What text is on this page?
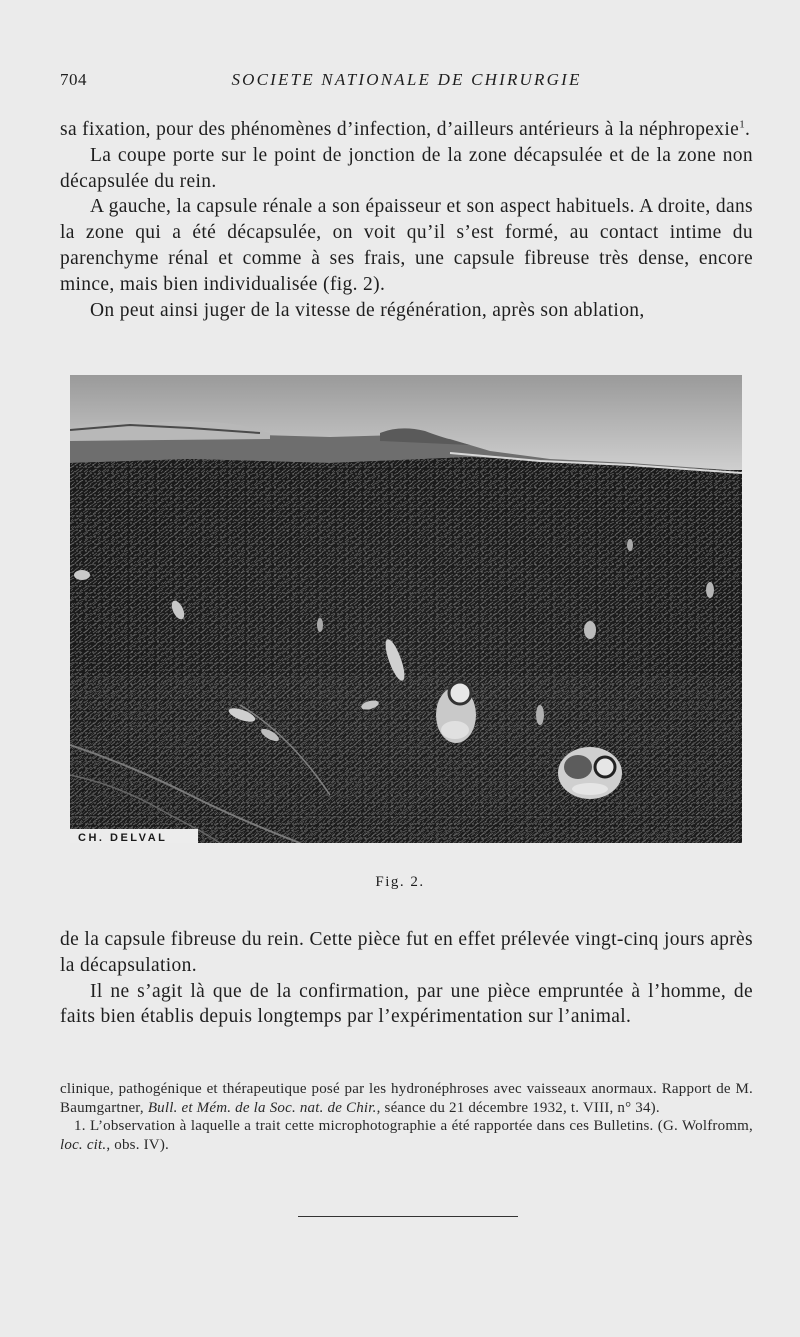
704	SOCIETE NATIONALE DE CHIRURGIE

sa fixation, pour des phénomènes d’infection, d’ailleurs antérieurs à la néphropexie$^1$.

La coupe porte sur le point de jonction de la zone décapsulée et de la zone non décapsulée du rein.

A gauche, la capsule rénale a son épaisseur et son aspect habituels. A droite, dans la zone qui a été décapsulée, on voit qu’il s’est formé, au contact intime du parenchyme rénal et comme à ses frais, une capsule fibreuse très dense, encore mince, mais bien individualisée (fig. 2).

On peut ainsi juger de la vitesse de régénération, après son ablation,

CH. DELVAL
Fig. 2.

de la capsule fibreuse du rein. Cette pièce fut en effet prélevée vingt-cinq jours après la décapsulation.

Il ne s’agit là que de la confirmation, par une pièce empruntée à l’homme, de faits bien établis depuis longtemps par l’expérimentation sur l’animal.

clinique, pathogénique et thérapeutique posé par les hydronéphroses avec vaisseaux anormaux. Rapport de M. Baumgartner, Bull. et Mém. de la Soc. nat. de Chir., séance du 21 décembre 1932, t. VIII, n° 34).

1. L’observation à laquelle a trait cette microphotographie a été rapportée dans ces Bulletins. (G. Wolfromm, loc. cit., obs. IV).
